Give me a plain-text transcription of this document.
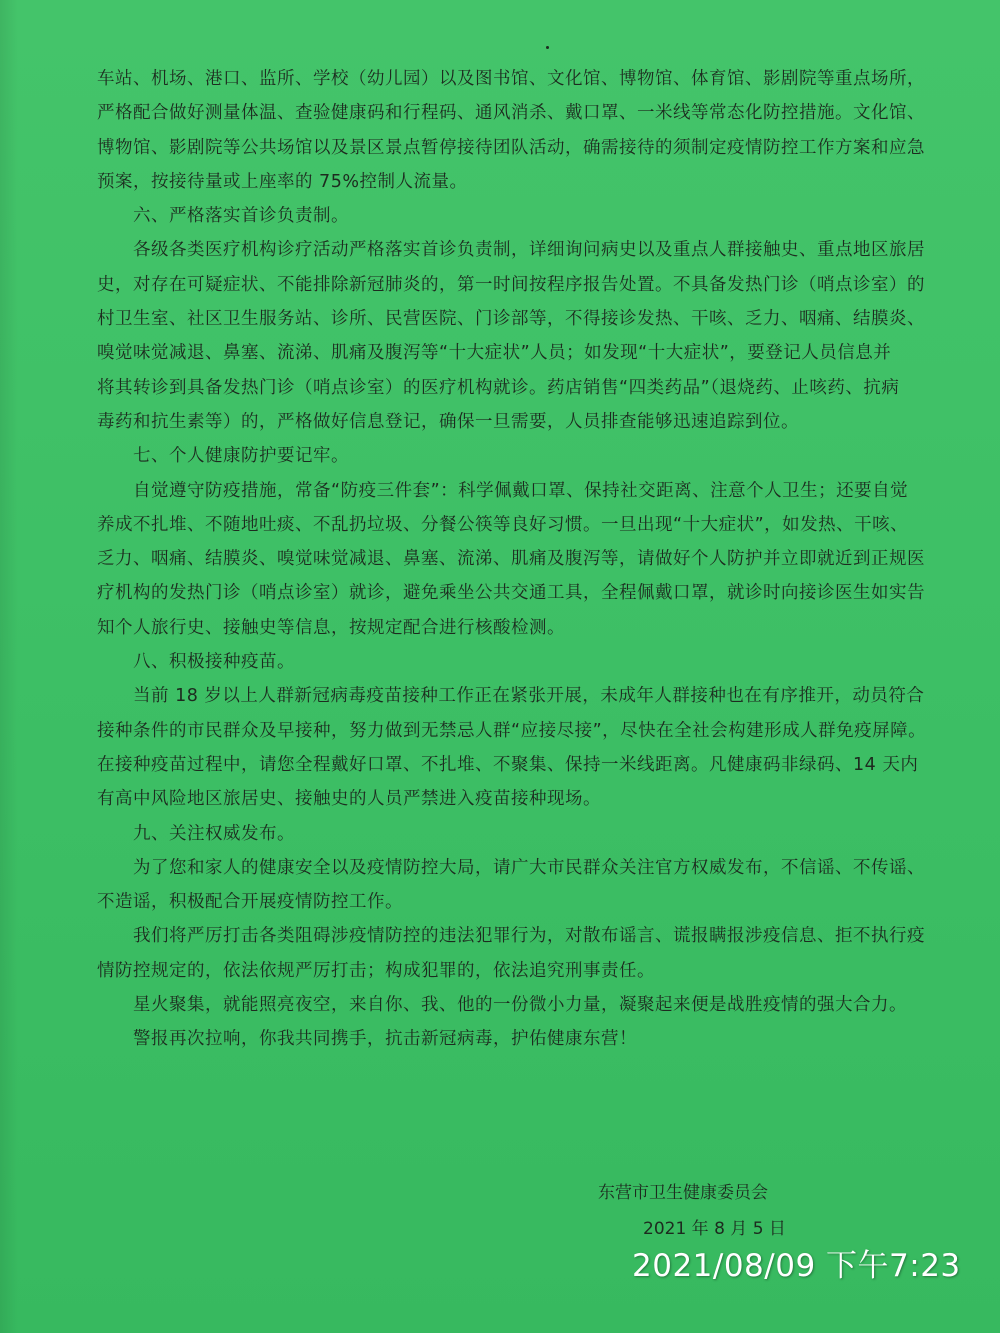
车站、机场、港口、监所、学校（幼儿园）以及图书馆、文化馆、博物馆、体育馆、影剧院等重点场所，
严格配合做好测量体温、查验健康码和行程码、通风消杀、戴口罩、一米线等常态化防控措施。文化馆、
博物馆、影剧院等公共场馆以及景区景点暂停接待团队活动，确需接待的须制定疫情防控工作方案和应急
预案，按接待量或上座率的 75%控制人流量。
六、严格落实首诊负责制。
各级各类医疗机构诊疗活动严格落实首诊负责制，详细询问病史以及重点人群接触史、重点地区旅居
史，对存在可疑症状、不能排除新冠肺炎的，第一时间按程序报告处置。不具备发热门诊（哨点诊室）的
村卫生室、社区卫生服务站、诊所、民营医院、门诊部等，不得接诊发热、干咳、乏力、咽痛、结膜炎、
嗅觉味觉减退、鼻塞、流涕、肌痛及腹泻等“十大症状”人员；如发现“十大症状”，要登记人员信息并
将其转诊到具备发热门诊（哨点诊室）的医疗机构就诊。药店销售“四类药品”（退烧药、止咳药、抗病
毒药和抗生素等）的，严格做好信息登记，确保一旦需要，人员排查能够迅速追踪到位。
七、个人健康防护要记牢。
自觉遵守防疫措施，常备“防疫三件套”：科学佩戴口罩、保持社交距离、注意个人卫生；还要自觉
养成不扎堆、不随地吐痰、不乱扔垃圾、分餐公筷等良好习惯。一旦出现“十大症状”，如发热、干咳、
乏力、咽痛、结膜炎、嗅觉味觉减退、鼻塞、流涕、肌痛及腹泻等，请做好个人防护并立即就近到正规医
疗机构的发热门诊（哨点诊室）就诊，避免乘坐公共交通工具，全程佩戴口罩，就诊时向接诊医生如实告
知个人旅行史、接触史等信息，按规定配合进行核酸检测。
八、积极接种疫苗。
当前 18 岁以上人群新冠病毒疫苗接种工作正在紧张开展，未成年人群接种也在有序推开，动员符合
接种条件的市民群众及早接种，努力做到无禁忌人群“应接尽接”，尽快在全社会构建形成人群免疫屏障。
在接种疫苗过程中，请您全程戴好口罩、不扎堆、不聚集、保持一米线距离。凡健康码非绿码、14 天内
有高中风险地区旅居史、接触史的人员严禁进入疫苗接种现场。
九、关注权威发布。
为了您和家人的健康安全以及疫情防控大局，请广大市民群众关注官方权威发布，不信谣、不传谣、
不造谣，积极配合开展疫情防控工作。
我们将严厉打击各类阻碍涉疫情防控的违法犯罪行为，对散布谣言、谎报瞒报涉疫信息、拒不执行疫
情防控规定的，依法依规严厉打击；构成犯罪的，依法追究刑事责任。
星火聚集，就能照亮夜空，来自你、我、他的一份微小力量，凝聚起来便是战胜疫情的强大合力。
警报再次拉响，你我共同携手，抗击新冠病毒，护佑健康东营！
东营市卫生健康委员会
2021 年 8 月 5 日
2021/08/09 下午7:23
